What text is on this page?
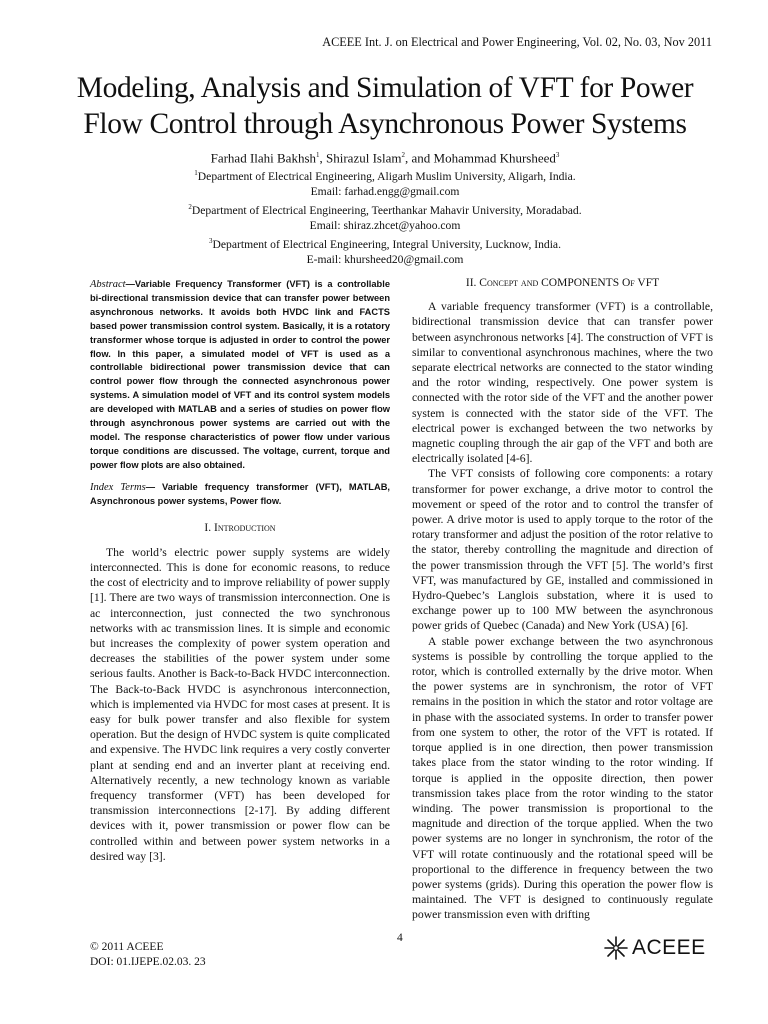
ACEEE Int. J. on Electrical and Power Engineering, Vol. 02, No. 03, Nov 2011
Modeling, Analysis and Simulation of VFT for Power
Flow Control through Asynchronous Power Systems
Farhad Ilahi Bakhsh$^1$, Shirazul Islam$^2$, and Mohammad Khursheed$^3$
$^1$Department of Electrical Engineering, Aligarh Muslim University, Aligarh, India.
Email: farhad.engg@gmail.com
$^2$Department of Electrical Engineering, Teerthankar Mahavir University, Moradabad.
Email: shiraz.zhcet@yahoo.com
$^3$Department of Electrical Engineering, Integral University, Lucknow, India.
E-mail: khursheed20@gmail.com

Abstract—Variable Frequency Transformer (VFT) is a controllable bi-directional transmission device that can transfer power between asynchronous networks. It avoids both HVDC link and FACTS based power transmission control system. Basically, it is a rotatory transformer whose torque is adjusted in order to control the power flow. In this paper, a simulated model of VFT is used as a controllable bidirectional power transmission device that can control power flow through the connected asynchronous power systems. A simulation model of VFT and its control system models are developed with MATLAB and a series of studies on power flow through asynchronous power systems are carried out with the model. The response characteristics of power flow under various torque conditions are discussed. The voltage, current, torque and power flow plots are also obtained.

Index Terms— Variable frequency transformer (VFT), MATLAB, Asynchronous power systems, Power flow.

I. Introduction

The world’s electric power supply systems are widely interconnected. This is done for economic reasons, to reduce the cost of electricity and to improve reliability of power supply [1]. There are two ways of transmission interconnection. One is ac interconnection, just connected the two synchronous networks with ac transmission lines. It is simple and economic but increases the complexity of power system operation and decreases the stabilities of the power system under some serious faults. Another is Back-to-Back HVDC interconnection. The Back-to-Back HVDC is asynchronous interconnection, which is implemented via HVDC for most cases at present. It is easy for bulk power transfer and also flexible for system operation. But the design of HVDC system is quite complicated and expensive. The HVDC link requires a very costly converter plant at sending end and an inverter plant at receiving end. Alternatively recently, a new technology known as variable frequency transformer (VFT) has been developed for transmission interconnections [2-17]. By adding different devices with it, power transmission or power flow can be controlled within and between power system networks in a desired way [3].

II. Concept and COMPONENTS Of VFT

A variable frequency transformer (VFT) is a controllable, bidirectional transmission device that can transfer power between asynchronous networks [4]. The construction of VFT is similar to conventional asynchronous machines, where the two separate electrical networks are connected to the stator winding and the rotor winding, respectively. One power system is connected with the rotor side of the VFT and the another power system is connected with the stator side of the VFT. The electrical power is exchanged between the two networks by magnetic coupling through the air gap of the VFT and both are electrically isolated [4-6].

The VFT consists of following core components: a rotary transformer for power exchange, a drive motor to control the movement or speed of the rotor and to control the transfer of power. A drive motor is used to apply torque to the rotor of the rotary transformer and adjust the position of the rotor relative to the stator, thereby controlling the magnitude and direction of the power transmission through the VFT [5]. The world’s first VFT, was manufactured by GE, installed and commissioned in Hydro-Quebec’s Langlois substation, where it is used to exchange power up to 100 MW between the asynchronous power grids of Quebec (Canada) and New York (USA) [6].

A stable power exchange between the two asynchronous systems is possible by controlling the torque applied to the rotor, which is controlled externally by the drive motor. When the power systems are in synchronism, the rotor of VFT remains in the position in which the stator and rotor voltage are in phase with the associated systems. In order to transfer power from one system to other, the rotor of the VFT is rotated. If torque applied is in one direction, then power transmission takes place from the stator winding to the rotor winding. If torque is applied in the opposite direction, then power transmission takes place from the rotor winding to the stator winding. The power transmission is proportional to the magnitude and direction of the torque applied. When the two power systems are no longer in synchronism, the rotor of the VFT will rotate continuously and the rotational speed will be proportional to the difference in frequency between the two power systems (grids). During this operation the power flow is maintained. The VFT is designed to continuously regulate power transmission even with drifting

© 2011 ACEEE
DOI: 01.IJEPE.02.03. 23
4	ACEEE
